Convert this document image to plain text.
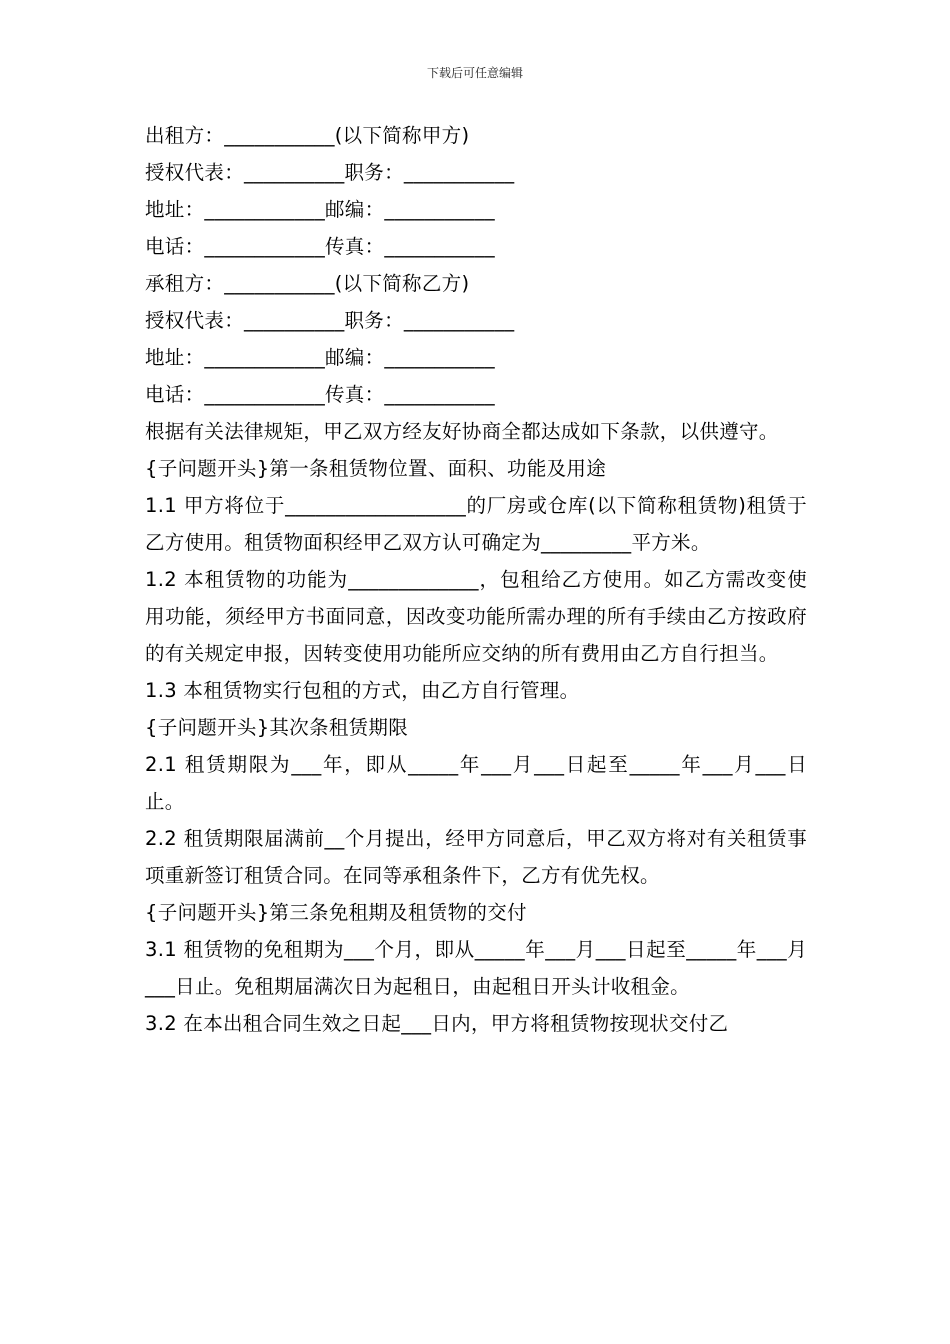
下载后可任意编辑

出租方：___________(以下简称甲方)

授权代表：__________职务：___________

地址：____________邮编：___________

电话：____________传真：___________

承租方：___________(以下简称乙方)

授权代表：__________职务：___________

地址：____________邮编：___________

电话：____________传真：___________

根据有关法律规矩，甲乙双方经友好协商全都达成如下条款，以供遵守。

{子问题开头}第一条租赁物位置、面积、功能及用途

1.1 甲方将位于__________________的厂房或仓库(以下简称租赁物)租赁于乙方使用。租赁物面积经甲乙双方认可确定为_________平方米。

1.2 本租赁物的功能为_____________，包租给乙方使用。如乙方需改变使用功能，须经甲方书面同意，因改变功能所需办理的所有手续由乙方按政府的有关规定申报，因转变使用功能所应交纳的所有费用由乙方自行担当。

1.3 本租赁物实行包租的方式，由乙方自行管理。

{子问题开头}其次条租赁期限

2.1 租赁期限为___年，即从_____年___月___日起至_____年___月___日止。

2.2 租赁期限届满前__个月提出，经甲方同意后，甲乙双方将对有关租赁事项重新签订租赁合同。在同等承租条件下，乙方有优先权。

{子问题开头}第三条免租期及租赁物的交付

3.1 租赁物的免租期为___个月，即从_____年___月___日起至_____年___月___日止。免租期届满次日为起租日，由起租日开头计收租金。

3.2 在本出租合同生效之日起___日内，甲方将租赁物按现状交付乙
